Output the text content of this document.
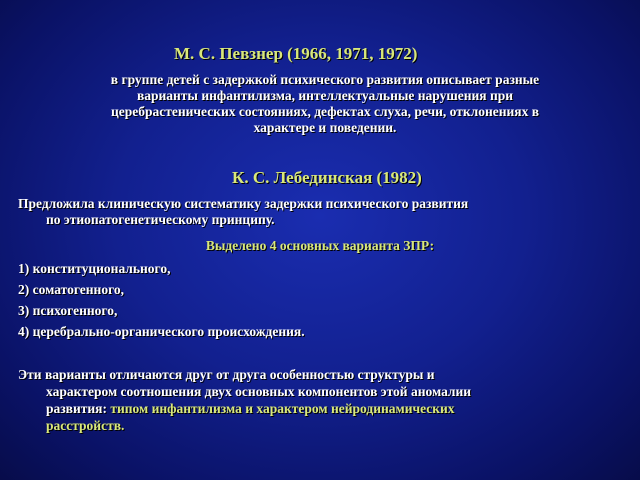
М. С. Певзнер (1966, 1971, 1972)
в группе детей с задержкой психического развития описывает разные
варианты инфантилизма, интеллектуальные нарушения при
церебрастенических состояниях, дефектах слуха, речи, отклонениях в
характере и поведении.
К. С. Лебединская (1982)
Предложила клиническую систематику задержки психического развития
по этиопатогенетическому принципу.
Выделено 4 основных варианта ЗПР:
1) конституционального,
2) соматогенного,
3) психогенного,
4) церебрально-органического происхождения.
Эти варианты отличаются друг от друга особенностью структуры и
характером соотношения двух основных компонентов этой аномалии
развития: типом инфантилизма и характером нейродинамических
расстройств.
